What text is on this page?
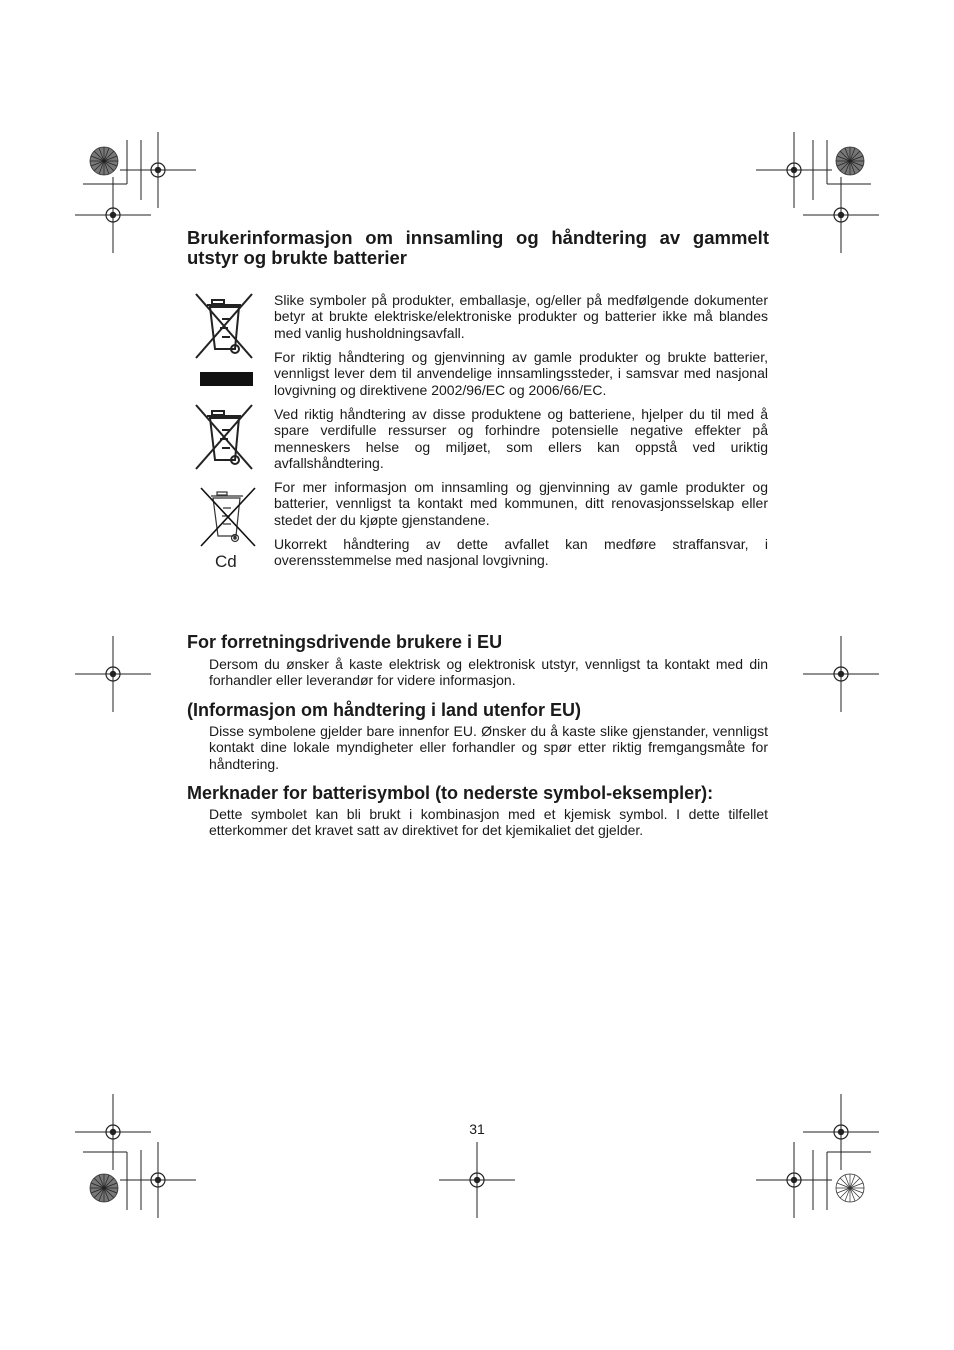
Brukerinformasjon om innsamling og håndtering av gammelt utstyr og brukte batterier
Cd

Slike symboler på produkter, emballasje, og/eller på medfølgende dokumenter betyr at brukte elektriske/elektroniske produkter og batterier ikke må blandes med vanlig husholdningsavfall.

For riktig håndtering og gjenvinning av gamle produkter og brukte batterier, vennligst lever dem til anvendelige innsamlingssteder, i samsvar med nasjonal lovgivning og direktivene 2002/96/EC og 2006/66/EC.

Ved riktig håndtering av disse produktene og batteriene, hjelper du til med å spare verdifulle ressurser og forhindre potensielle negative effekter på menneskers helse og miljøet, som ellers kan oppstå ved uriktig avfallshåndtering.

For mer informasjon om innsamling og gjenvinning av gamle produkter og batterier, vennligst ta kontakt med kommunen, ditt renovasjonsselskap eller stedet der du kjøpte gjenstandene.

Ukorrekt håndtering av dette avfallet kan medføre straffansvar, i overensstemmelse med nasjonal lovgivning.

For forretningsdrivende brukere i EU

Dersom du ønsker å kaste elektrisk og elektronisk utstyr, vennligst ta kontakt med din forhandler eller leverandør for videre informasjon.

(Informasjon om håndtering i land utenfor EU)

Disse symbolene gjelder bare innenfor EU. Ønsker du å kaste slike gjenstander, vennligst kontakt dine lokale myndigheter eller forhandler og spør etter riktig fremgangsmåte for håndtering.

Merknader for batterisymbol (to nederste symbol-eksempler):

Dette symbolet kan bli brukt i kombinasjon med et kjemisk symbol. I dette tilfellet etterkommer det kravet satt av direktivet for det kjemikaliet det gjelder.

31
